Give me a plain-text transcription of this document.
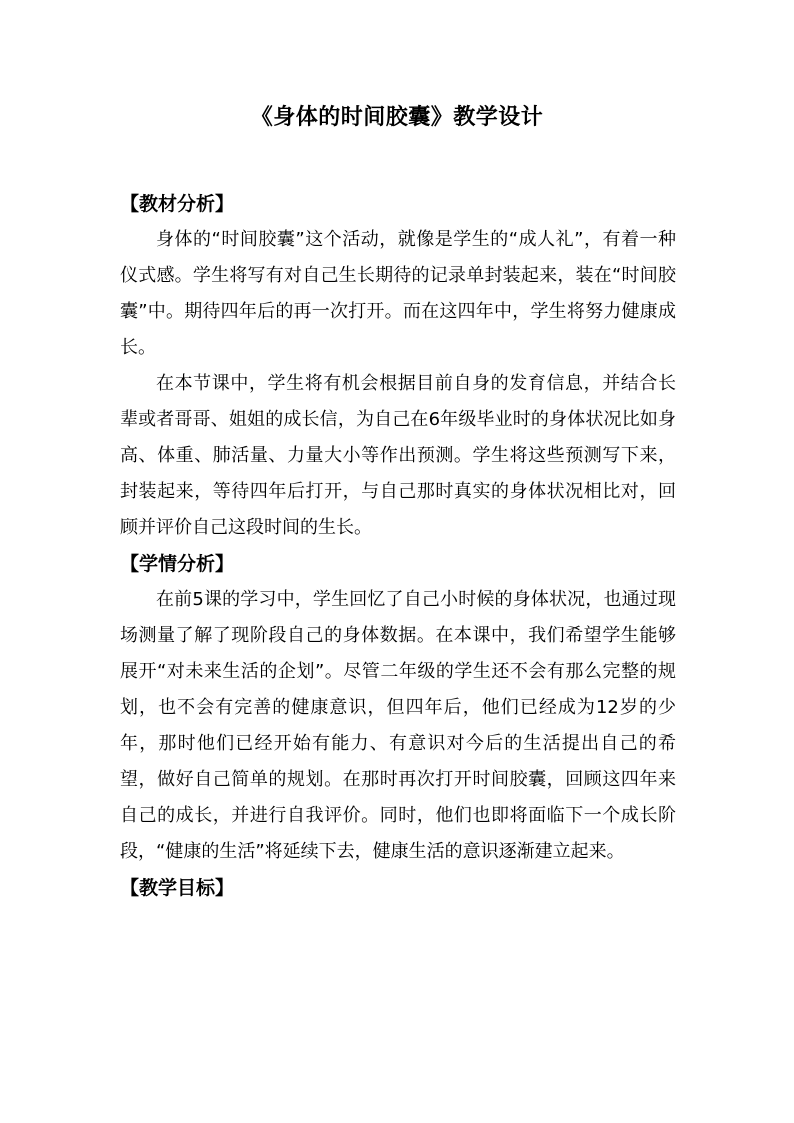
《身体的时间胶囊》教学设计
【教材分析】

身体的“时间胶囊”这个活动，就像是学生的“成人礼”，有着一种仪式感。学生将写有对自己生长期待的记录单封装起来，装在“时间胶囊”中。期待四年后的再一次打开。而在这四年中，学生将努力健康成长。

在本节课中，学生将有机会根据目前自身的发育信息，并结合长辈或者哥哥、姐姐的成长信，为自己在6年级毕业时的身体状况比如身高、体重、肺活量、力量大小等作出预测。学生将这些预测写下来，封装起来，等待四年后打开，与自己那时真实的身体状况相比对，回顾并评价自己这段时间的生长。

【学情分析】

在前5课的学习中，学生回忆了自己小时候的身体状况，也通过现场测量了解了现阶段自己的身体数据。在本课中，我们希望学生能够展开“对未来生活的企划”。尽管二年级的学生还不会有那么完整的规划，也不会有完善的健康意识，但四年后，他们已经成为12岁的少年，那时他们已经开始有能力、有意识对今后的生活提出自己的希望，做好自己简单的规划。在那时再次打开时间胶囊，回顾这四年来自己的成长，并进行自我评价。同时，他们也即将面临下一个成长阶段，“健康的生活”将延续下去，健康生活的意识逐渐建立起来。

【教学目标】
